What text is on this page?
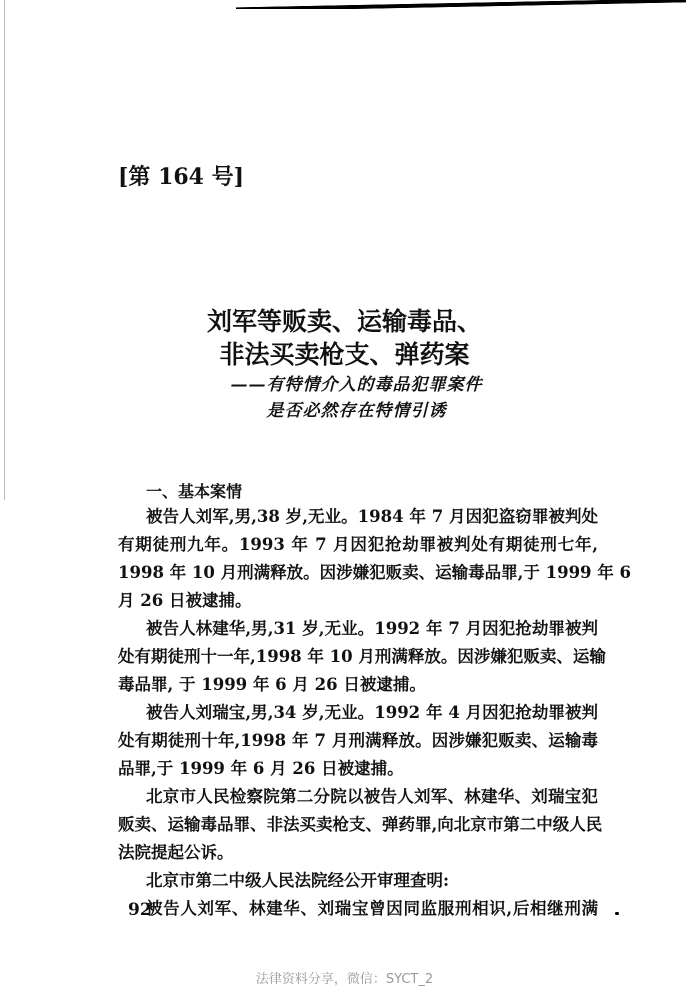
[第 164 号]
刘军等贩卖、运输毒品、
非法买卖枪支、弹药案
——有特情介入的毒品犯罪案件
是否必然存在特情引诱
一、基本案情
被告人刘军,男,38 岁,无业。1984 年 7 月因犯盗窃罪被判处
有期徒刑九年。1993 年 7 月因犯抢劫罪被判处有期徒刑七年,
1998 年 10 月刑满释放。因涉嫌犯贩卖、运输毒品罪,于 1999 年 6
月 26 日被逮捕。
被告人林建华,男,31 岁,无业。1992 年 7 月因犯抢劫罪被判
处有期徒刑十一年,1998 年 10 月刑满释放。因涉嫌犯贩卖、运输
毒品罪, 于 1999 年 6 月 26 日被逮捕。
被告人刘瑞宝,男,34 岁,无业。1992 年 4 月因犯抢劫罪被判
处有期徒刑十年,1998 年 7 月刑满释放。因涉嫌犯贩卖、运输毒
品罪,于 1999 年 6 月 26 日被逮捕。
北京市人民检察院第二分院以被告人刘军、林建华、刘瑞宝犯
贩卖、运输毒品罪、非法买卖枪支、弹药罪,向北京市第二中级人民
法院提起公诉。
北京市第二中级人民法院经公开审理查明:
被告人刘军、林建华、刘瑞宝曾因同监服刑相识,后相继刑满
92
法律资料分享，微信：SYCT_2
